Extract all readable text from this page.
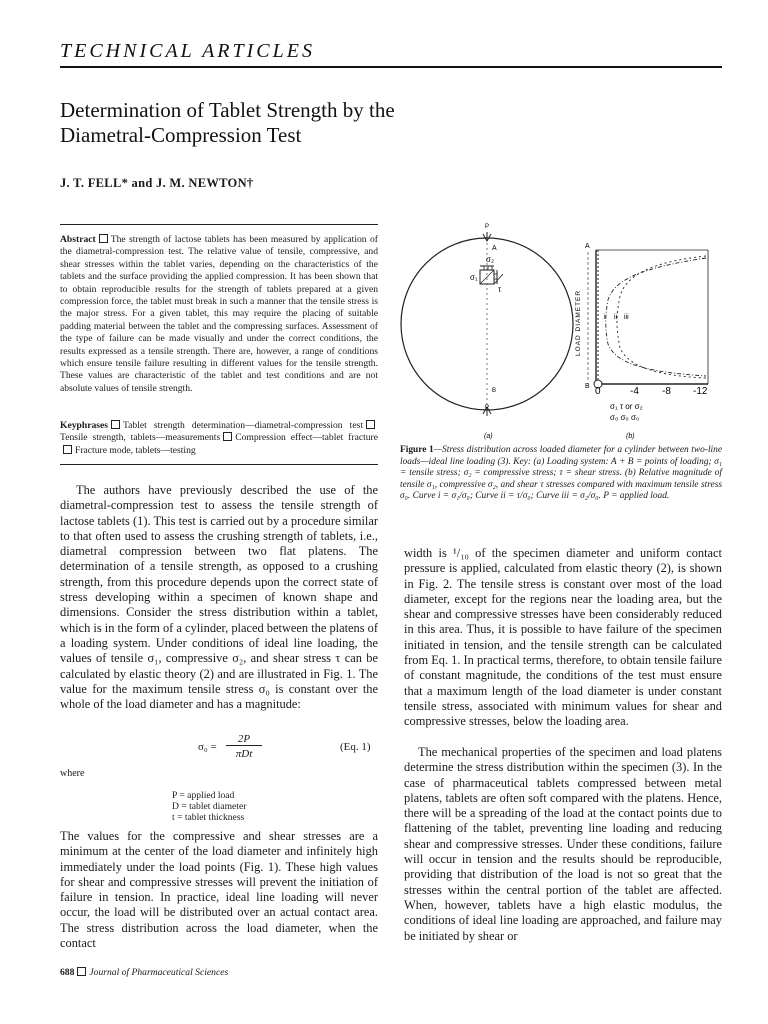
TECHNICAL ARTICLES
Determination of Tablet Strength by the Diametral-Compression Test
J. T. FELL* and J. M. NEWTON†
Abstract The strength of lactose tablets has been measured by application of the diametral-compression test. The relative value of tensile, compressive, and shear stresses within the tablet varies, depending on the characteristics of the tablets and the surface providing the applied compression. It has been shown that to obtain reproducible results for the strength of tablets prepared at a given compression force, the tablet must break in such a manner that the tensile stress is the major stress. For a given tablet, this may require the placing of suitable padding material between the tablet and the compressing surfaces. Assessment of the type of failure can be made visually and under the correct conditions, the results expressed as a tensile strength. There are, however, a range of conditions which ensure tensile failure resulting in different values for the tensile strength. These values are characteristic of the tablet and test conditions and are not absolute values of tensile strength.
Keyphrases Tablet strength determination—diametral-compression testTensile strength, tablets—measurements Compression effect—tablet fractureFracture mode, tablets—testing
The authors have previously described the use of the diametral-compression test to assess the tensile strength of lactose tablets (1). This test is carried out by a procedure similar to that often used to assess the crushing strength of tablets, i.e., diametral compression between two flat platens. The determination of a tensile strength, as opposed to a crushing strength, from this procedure depends upon the correct state of stress developing within a specimen of known shape and dimensions. Consider the stress distribution within a tablet, which is in the form of a cylinder, placed between the platens of a loading system. Under conditions of ideal line loading, the values of tensile σ₁, compressive σ₂, and shear stress τ can be calculated by elastic theory (2) and are illustrated in Fig. 1. The value for the maximum tensile stress σ₀ is constant over the whole of the load diameter and has a magnitude:
σ₀ =
2P
πDt
(Eq. 1)
where
P = applied load
D = tablet diameter
t = tablet thickness
The values for the compressive and shear stresses are a minimum at the center of the load diameter and infinitely high immediately under the load points (Fig. 1). These high values for shear and compressive stresses will prevent the initiation of failure in tension. In practice, ideal line loading will never occur, the load will be distributed over an actual contact area. The stress distribution across the load diameter, when the contact
P
A
σ₂
σ₁
τ
B
P
(a)
A
B
LOAD DIAMETER	i ii iii
0	-4 -8 -12
σ₁ τ or σ₂
σ₀ σ₀ σ₀
(b)
Figure 1—Stress distribution across loaded diameter for a cylinder between two-line loads—ideal line loading (3). Key: (a) Loading system: A + B = points of loading; σ₁ = tensile stress; σ₂ = compressive stress; τ = shear stress. (b) Relative magnitude of tensile σ₁, compressive σ₂, and shear τ stresses compared with maximum tensile stress σ₀. Curve i = σ₁/σ₀; Curve ii = τ/σ₀; Curve iii = σ₂/σ₀. P = applied load.
width is ¹/₁₀ of the specimen diameter and uniform contact pressure is applied, calculated from elastic theory (2), is shown in Fig. 2. The tensile stress is constant over most of the load diameter, except for the regions near the loading area, but the shear and compressive stresses have been considerably reduced in this area. Thus, it is possible to have failure of the specimen initiated in tension, and the tensile strength can be calculated from Eq. 1. In practical terms, therefore, to obtain tensile failure of constant magnitude, the conditions of the test must ensure that a maximum length of the load diameter is under constant tensile stress, associated with minimum values for shear and compressive stresses, below the loading area.
The mechanical properties of the specimen and load platens determine the stress distribution within the specimen (3). In the case of pharmaceutical tablets compressed between metal platens, tablets are often soft compared with the platens. Hence, there will be a spreading of the load at the contact points due to flattening of the tablet, preventing line loading and reducing shear and compressive stresses. Under these conditions, failure will occur in tension and the results should be reproducible, providing that distribution of the load is not so great that the stresses within the central portion of the tablet are affected. When, however, tablets have a high elastic modulus, the conditions of ideal line loading are approached, and failure may be initiated by shear or
688 Journal of Pharmaceutical Sciences
